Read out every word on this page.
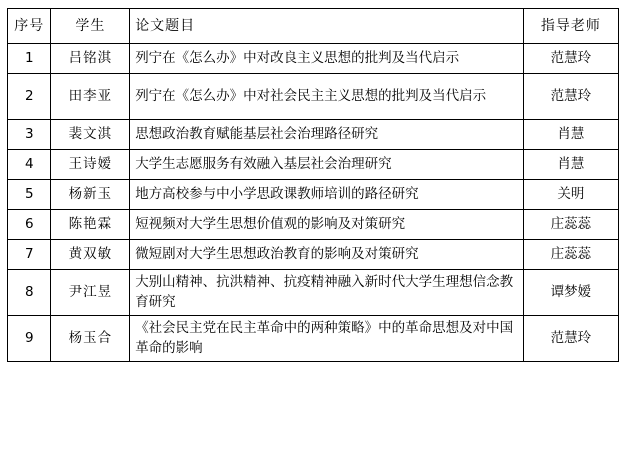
序号	学生	论文题目	指导老师
1	吕铭淇	列宁在《怎么办》中对改良主义思想的批判及当代启示	范慧玲
2	田李亚	列宁在《怎么办》中对社会民主主义思想的批判及当代启示	范慧玲
3	裴文淇	思想政治教育赋能基层社会治理路径研究	肖慧
4	王诗嫒	大学生志愿服务有效融入基层社会治理研究	肖慧
5	杨新玉	地方高校参与中小学思政课教师培训的路径研究	关明
6	陈艳霖	短视频对大学生思想价值观的影响及对策研究	庄蕊蕊
7	黄双敏	微短剧对大学生思想政治教育的影响及对策研究	庄蕊蕊
8	尹江昱	大别山精神、抗洪精神、抗疫精神融入新时代大学生理想信念教育研究	谭梦嫒
9	杨玉合	《社会民主党在民主革命中的两种策略》中的革命思想及对中国革命的影响	范慧玲
